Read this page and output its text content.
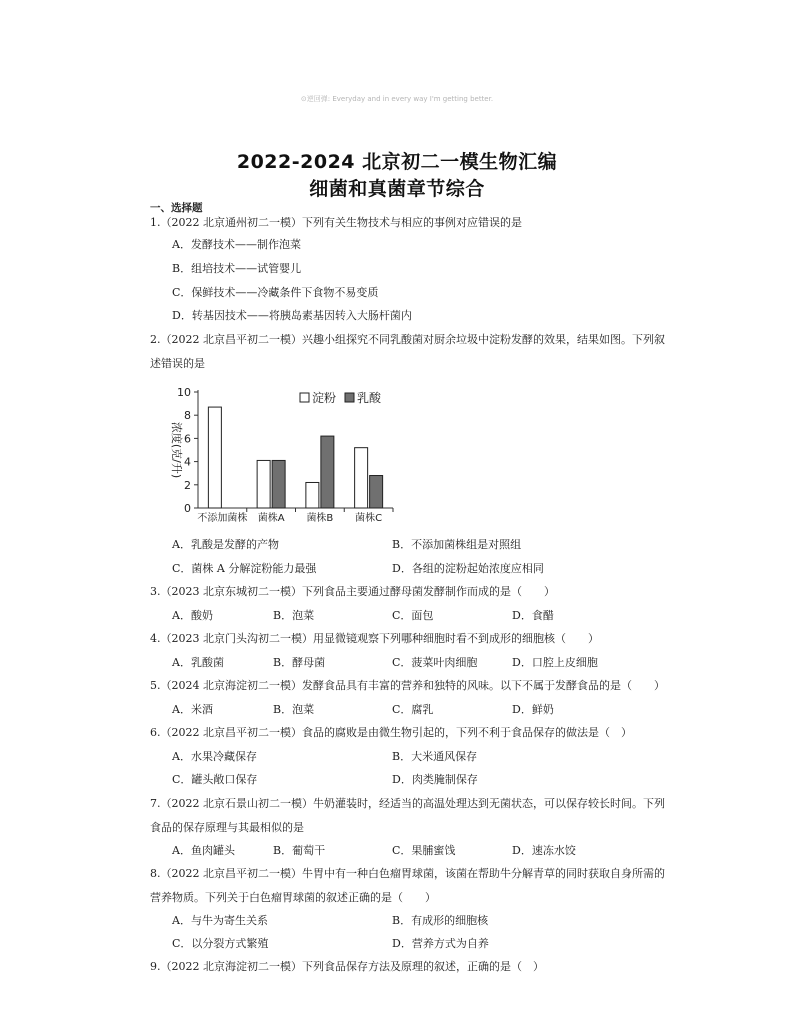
⊙逆回弹: Everyday and in every way I'm getting better.
2022-2024 北京初二一模生物汇编
细菌和真菌章节综合
一、选择题
1.（2022 北京通州初二一模）下列有关生物技术与相应的事例对应错误的是
A．发酵技术——制作泡菜
B．组培技术——试管婴儿
C．保鲜技术——冷藏条件下食物不易变质
D．转基因技术——将胰岛素基因转入大肠杆菌内
2.（2022 北京昌平初二一模）兴趣小组探究不同乳酸菌对厨余垃圾中淀粉发酵的效果，结果如图。下列叙
述错误的是
0
2
4
6
8
10
浓度(克/升)
不添加菌株 菌株A 菌株B 菌株C
淀粉 乳酸
A．乳酸是发酵的产物	B．不添加菌株组是对照组
C．菌株 A 分解淀粉能力最强	D．各组的淀粉起始浓度应相同
3.（2023 北京东城初二一模）下列食品主要通过酵母菌发酵制作而成的是（　　）
A．酸奶	B．泡菜	C．面包	D．食醋
4.（2023 北京门头沟初二一模）用显微镜观察下列哪种细胞时看不到成形的细胞核（　　）
A．乳酸菌	B．酵母菌	C．菠菜叶肉细胞	D．口腔上皮细胞
5.（2024 北京海淀初二一模）发酵食品具有丰富的营养和独特的风味。以下不属于发酵食品的是（　　）
A．米酒	B．泡菜	C．腐乳	D．鲜奶
6.（2022 北京昌平初二一模）食品的腐败是由微生物引起的，下列不利于食品保存的做法是（　）
A．水果冷藏保存	B．大米通风保存
C．罐头敞口保存	D．肉类腌制保存
7.（2022 北京石景山初二一模）牛奶灌装时，经适当的高温处理达到无菌状态，可以保存较长时间。下列
食品的保存原理与其最相似的是
A．鱼肉罐头	B．葡萄干	C．果脯蜜饯	D．速冻水饺
8.（2022 北京昌平初二一模）牛胃中有一种白色瘤胃球菌，该菌在帮助牛分解青草的同时获取自身所需的
营养物质。下列关于白色瘤胃球菌的叙述正确的是（　　）
A．与牛为寄生关系	B．有成形的细胞核
C．以分裂方式繁殖	D．营养方式为自养
9.（2022 北京海淀初二一模）下列食品保存方法及原理的叙述，正确的是（　）
